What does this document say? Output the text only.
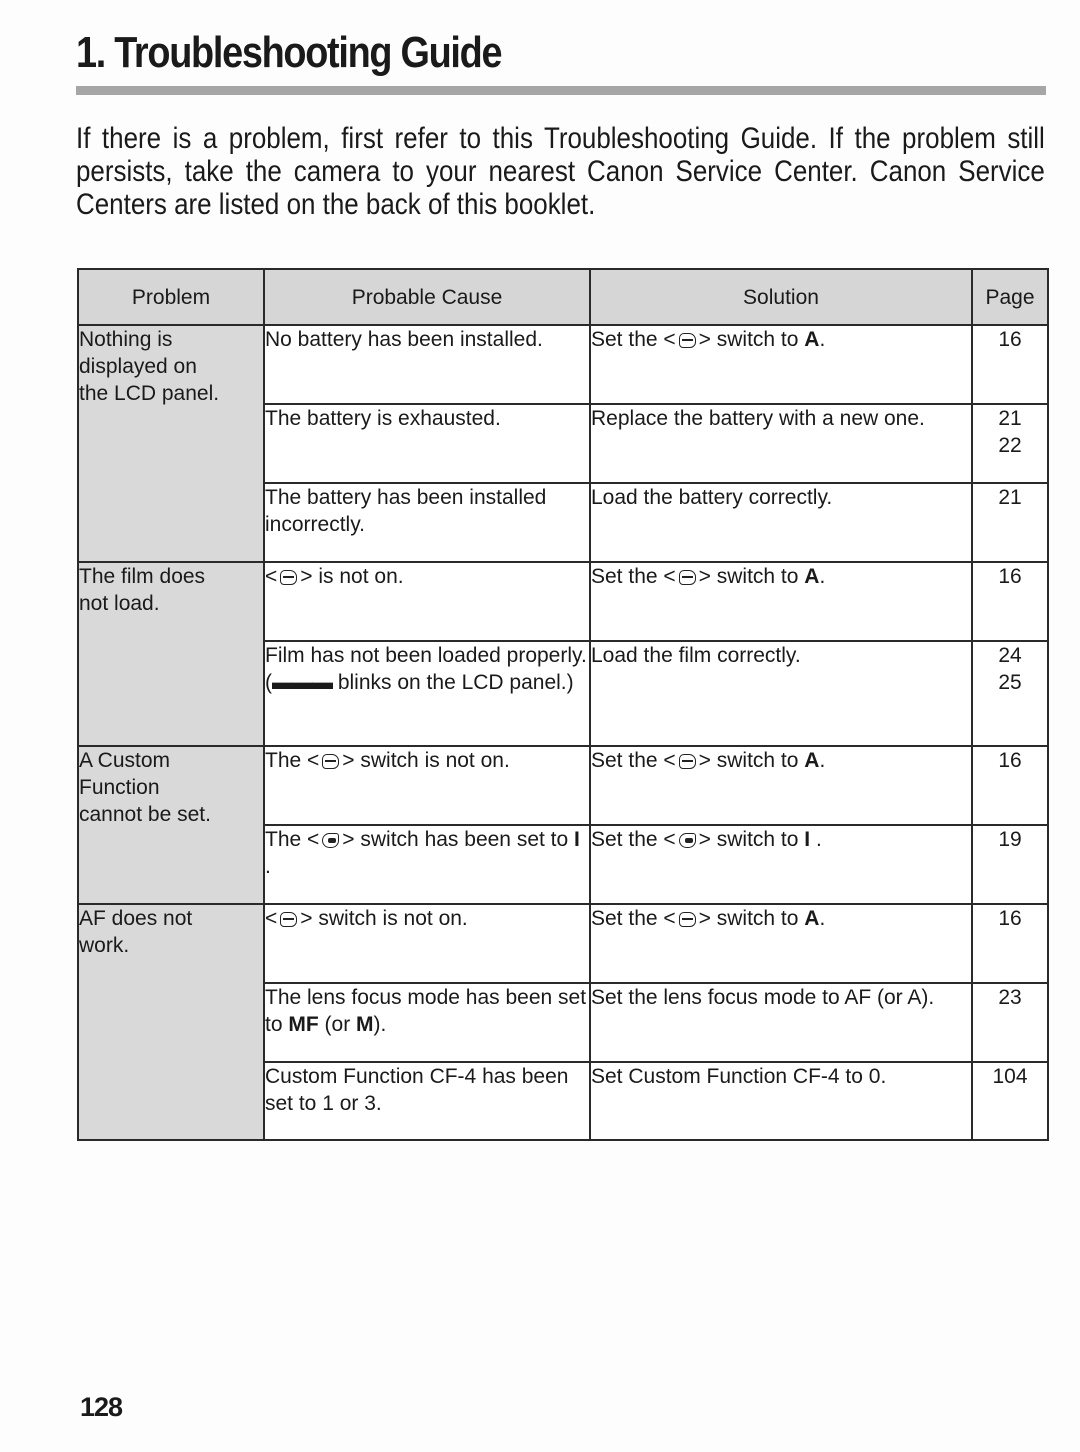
1. Troubleshooting Guide

If there is a problem, first refer to this Troubleshooting Guide. If the problem still persists, take the camera to your nearest Canon Service Center. Canon Service Centers are listed on the back of this booklet.

Problem	Probable Cause	Solution	Page

Nothing is
displayed on
the LCD panel.	No battery has been installed.	Set the < > switch to A.	16

	The battery is exhausted.	Replace the battery with a new one.	21
22

	The battery has been installed incorrectly.	Load the battery correctly.	21

The film does
not load.	< > is not on.	Set the < > switch to A.	16

	Film has not been loaded properly. (▬▬▬ blinks on the LCD panel.)	Load the film correctly.	24
25

A Custom
Function
cannot be set.	The < > switch is not on.	Set the < > switch to A.	16

	The < > switch has been set to I .	Set the < > switch to I .	19

AF does not
work.	< > switch is not on.	Set the < > switch to A.	16

	The lens focus mode has been set to MF (or M).	Set the lens focus mode to AF (or A).	23

	Custom Function CF-4 has been set to 1 or 3.	Set Custom Function CF-4 to 0.	104

128
